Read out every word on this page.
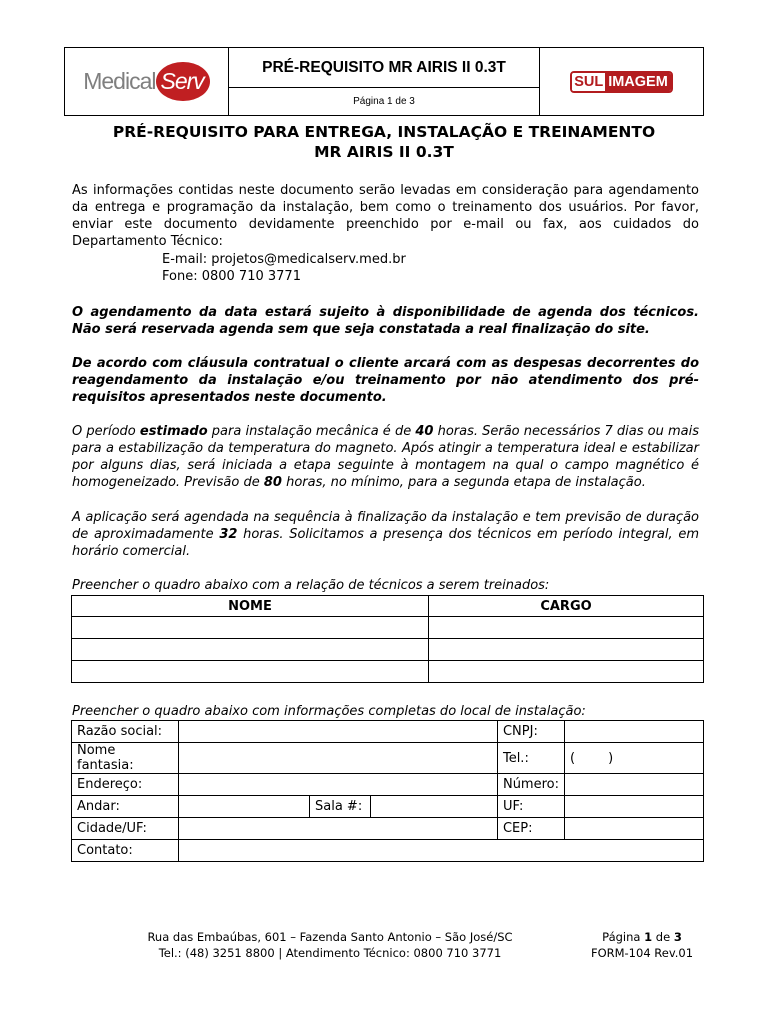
Medical Serv
	PRÉ-REQUISITO MR AIRIS II 0.3T	
SUL IMAGEM

Página 1 de 3
PRÉ-REQUISITO PARA ENTREGA, INSTALAÇÃO E TREINAMENTO
MR AIRIS II 0.3T
As informações contidas neste documento serão levadas em consideração para agendamento da entrega e programação da instalação, bem como o treinamento dos usuários. Por favor, enviar este documento devidamente preenchido por e-mail ou fax, aos cuidados do Departamento Técnico:
E-mail: projetos@medicalserv.med.br
Fone: 0800 710 3771
O agendamento da data estará sujeito à disponibilidade de agenda dos técnicos. Não será reservada agenda sem que seja constatada a real finalização do site.
De acordo com cláusula contratual o cliente arcará com as despesas decorrentes do reagendamento da instalação e/ou treinamento por não atendimento dos pré-requisitos apresentados neste documento.
O período estimado para instalação mecânica é de 40 horas. Serão necessários 7 dias ou mais para a estabilização da temperatura do magneto. Após atingir a temperatura ideal e estabilizar por alguns dias, será iniciada a etapa seguinte à montagem na qual o campo magnético é homogeneizado. Previsão de 80 horas, no mínimo, para a segunda etapa de instalação.
A aplicação será agendada na sequência à finalização da instalação e tem previsão de duração de aproximadamente 32 horas. Solicitamos a presença dos técnicos em período integral, em horário comercial.
Preencher o quadro abaixo com a relação de técnicos a serem treinados:
NOME	CARGO

Preencher o quadro abaixo com informações completas do local de instalação:
Razão social:				CNPJ:	
Nome fantasia:				Tel.:	(        )
Endereço:				Número:	
Andar:		Sala #:		UF:	
Cidade/UF:				CEP:	
Contato:					
Rua das Embaúbas, 601 – Fazenda Santo Antonio – São José/SC
Tel.: (48) 3251 8800 | Atendimento Técnico: 0800 710 3771
Página 1 de 3
FORM-104 Rev.01
